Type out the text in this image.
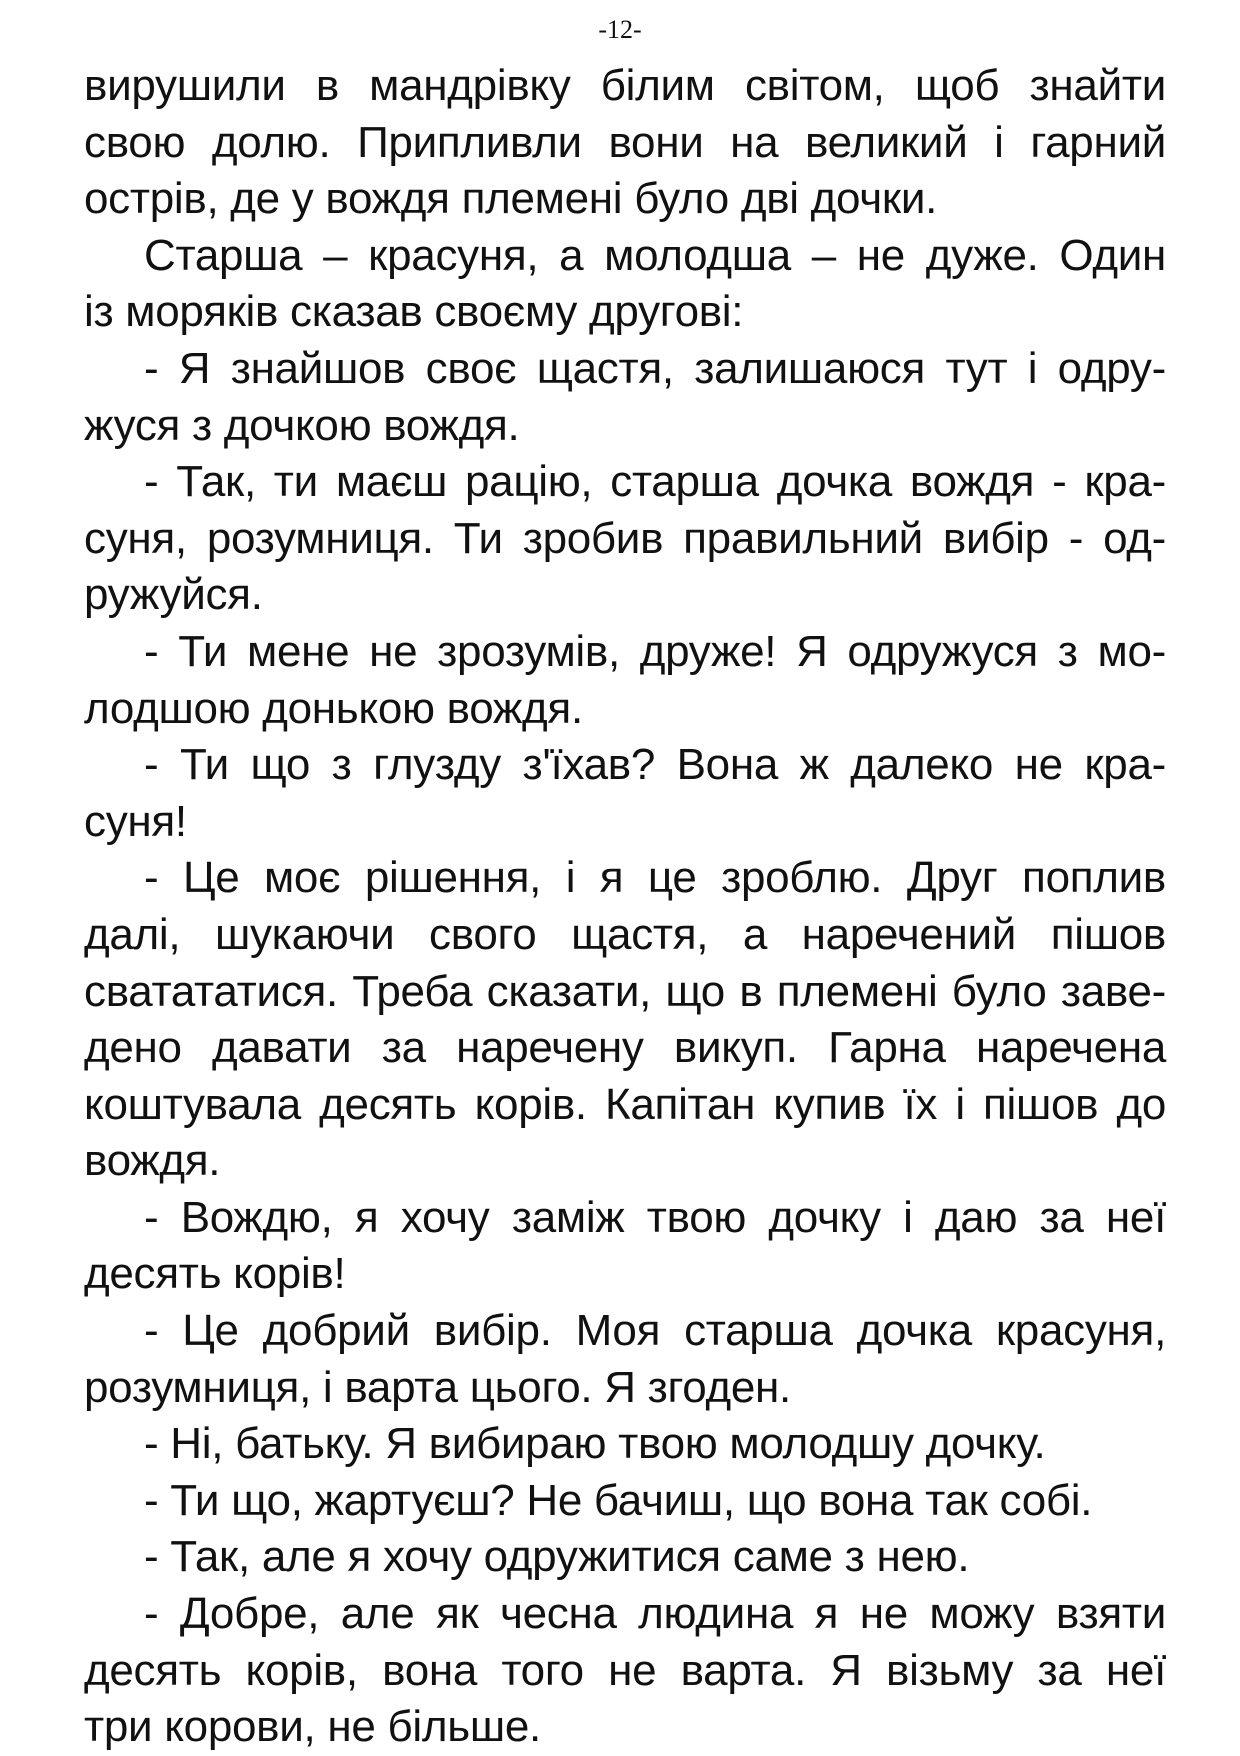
-12-
вирушили в мандрівку білим світом, щоб знайти
свою долю. Припливли вони на великий і гарний
острів, де у вождя племені було дві дочки.
Старша – красуня, а молодша – не дуже. Один
із моряків сказав своєму другові:
- Я знайшов своє щастя, залишаюся тут і одру-
жуся з дочкою вождя.
- Так, ти маєш рацію, старша дочка вождя - кра-
суня, розумниця. Ти зробив правильний вибір - од-
ружуйся.
- Ти мене не зрозумів, друже! Я одружуся з мо-
лодшою донькою вождя.
- Ти що з глузду з'їхав? Вона ж далеко не кра-
суня!
- Це моє рішення, і я це зроблю. Друг поплив
далі, шукаючи свого щастя, а наречений пішов
сватататися. Треба сказати, що в племені було заве-
дено давати за наречену викуп. Гарна наречена
коштувала десять корів. Капітан купив їх і пішов до
вождя.
- Вождю, я хочу заміж твою дочку і даю за неї
десять корів!
- Це добрий вибір. Моя старша дочка красуня,
розумниця, і варта цього. Я згоден.
- Ні, батьку. Я вибираю твою молодшу дочку.
- Ти що, жартуєш? Не бачиш, що вона так собі.
- Так, але я хочу одружитися саме з нею.
- Добре, але як чесна людина я не можу взяти
десять корів, вона того не варта. Я візьму за неї
три корови, не більше.
